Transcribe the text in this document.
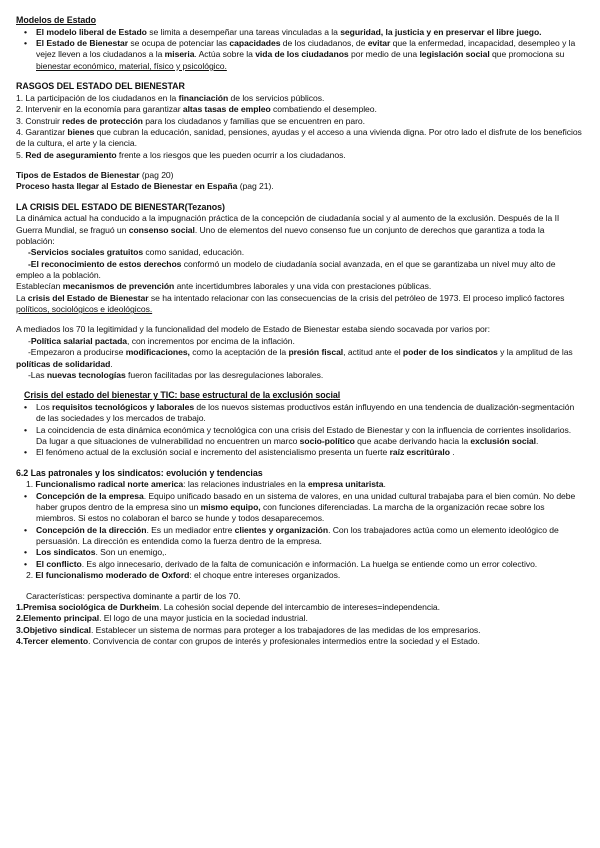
Modelos de Estado
• El modelo liberal de Estado se limita a desempeñar una tareas vinculadas a la seguridad, la justicia y en preservar el libre juego.
• El Estado de Bienestar se ocupa de potenciar las capacidades de los ciudadanos, de evitar que la enfermedad, incapacidad, desempleo y la vejez lleven a los ciudadanos a la miseria. Actúa sobre la vida de los ciudadanos por medio de una legislación social que promociona su bienestar económico, material, físico y psicológico.
RASGOS DEL ESTADO DEL BIENESTAR

1. La participación de los ciudadanos en la financiación de los servicios públicos.

2. Intervenir en la economía para garantizar altas tasas de empleo combatiendo el desempleo.

3. Construir redes de protección para los ciudadanos y familias que se encuentren en paro.

4. Garantizar bienes que cubran la educación, sanidad, pensiones, ayudas y el acceso a una vivienda digna. Por otro lado el disfrute de los beneficios de la cultura, el arte y la ciencia.

5. Red de aseguramiento frente a los riesgos que les pueden ocurrir a los ciudadanos.

Tipos de Estados de Bienestar (pag 20)

Proceso hasta llegar al Estado de Bienestar en España (pag 21).

LA CRISIS DEL ESTADO DE BIENESTAR(Tezanos)

La dinámica actual ha conducido a la impugnación práctica de la concepción de ciudadanía social y al aumento de la exclusión. Después de la II Guerra Mundial, se fraguó un consenso social. Uno de elementos del nuevo consenso fue un conjunto de derechos que garantiza a toda la población:

-Servicios sociales gratuitos como sanidad, educación.

-El reconocimiento de estos derechos conformó un modelo de ciudadanía social avanzada, en el que se garantizaba un nivel muy alto de empleo a la población.

Establecían mecanismos de prevención ante incertidumbres laborales y una vida con prestaciones públicas.

La crisis del Estado de Bienestar se ha intentado relacionar con las consecuencias de la crisis del petróleo de 1973. El proceso implicó factores políticos, sociológicos e ideológicos.

A mediados los 70 la legitimidad y la funcionalidad del modelo de Estado de Bienestar estaba siendo socavada por varios por:

-Política salarial pactada, con incrementos por encima de la inflación.

-Empezaron a producirse modificaciones, como la aceptación de la presión fiscal, actitud ante el poder de los sindicatos y la amplitud de las políticas de solidaridad.

-Las nuevas tecnologías fueron facilitadas por las desregulaciones laborales.

Crisis del estado del bienestar y TIC: base estructural de la exclusión social
• Los requisitos tecnológicos y laborales de los nuevos sistemas productivos están influyendo en una tendencia de dualización-segmentación de las sociedades y los mercados de trabajo.
• La coincidencia de esta dinámica económica y tecnológica con una crisis del Estado de Bienestar y con la influencia de corrientes insolidarios. Da lugar a que situaciones de vulnerabilidad no encuentren un marco socio-político que acabe derivando hacia la exclusión social.
• El fenómeno actual de la exclusión social e incremento del asistencialismo presenta un fuerte raíz escritúralo .
6.2 Las patronales y los sindicatos: evolución y tendencias

1. Funcionalismo radical norte america: las relaciones industriales en la empresa unitarista.

• Concepción de la empresa. Equipo unificado basado en un sistema de valores, en una unidad cultural trabajaba para el bien común. No debe haber grupos dentro de la empresa sino un mismo equipo, con funciones diferenciadas. La marcha de la organización recae sobre los miembros. Si estos no colaboran el barco se hunde y todos desaparecemos.
• Concepción de la dirección. Es un mediador entre clientes y organización. Con los trabajadores actúa como un elemento ideológico de persuasión. La dirección es entendida como la fuerza dentro de la empresa.
• Los sindicatos. Son un enemigo,.
• El conflicto. Es algo innecesario, derivado de la falta de comunicación e información. La huelga se entiende como un error colectivo.

2. El funcionalismo moderado de Oxford: el choque entre intereses organizados.

Características: perspectiva dominante a partir de los 70.

1.Premisa sociológica de Durkheim. La cohesión social depende del intercambio de intereses=independencia.

2.Elemento principal. El logo de una mayor justicia en la sociedad industrial.

3.Objetivo sindical. Establecer un sistema de normas para proteger a los trabajadores de las medidas de los empresarios.

4.Tercer elemento. Convivencia de contar con grupos de interés y profesionales intermedios entre la sociedad y el Estado.
